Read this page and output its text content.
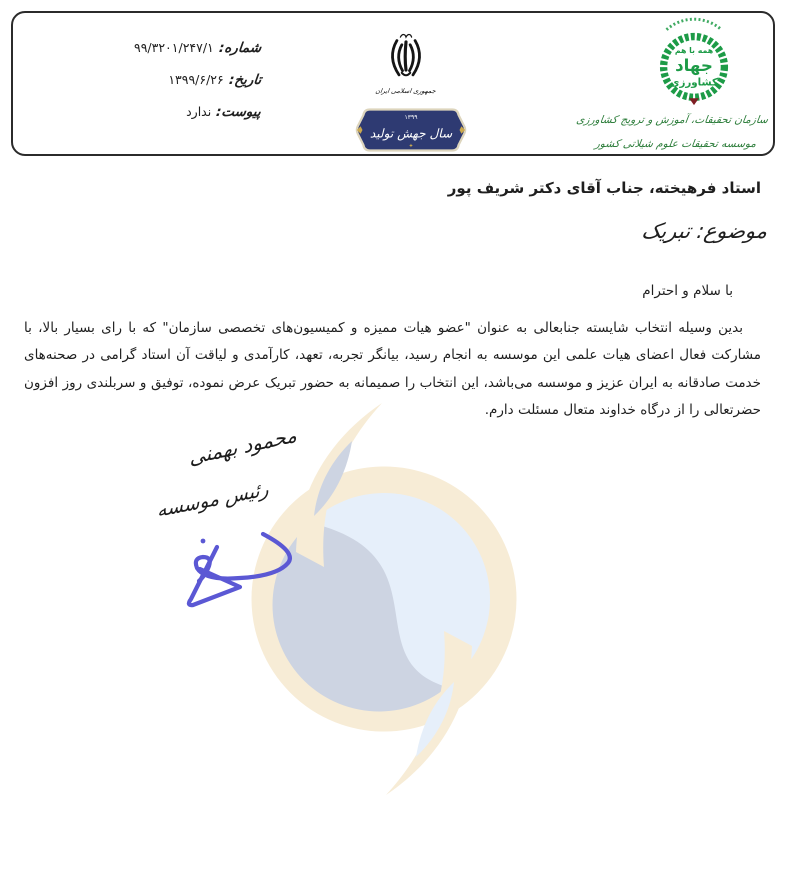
شماره:
۹۹/۳۲۰۱/۲۴۷/۱
تاریخ:
۱۳۹۹/۶/۲۶
پیوست:
ندارد
جمهوری اسلامی ایران
۱۳۹۹
سال جهش تولید
✦
همه با هم
جهاد
کشاورزی
سازمان تحقیقات، آموزش و ترویج کشاورزی
موسسه تحقیقات علوم شیلاتی کشور
استاد فرهیخته، جناب آقای دکتر شریف پور
موضوع: تبریک
با سلام و احترام

بدین وسیله انتخاب شایسته جنابعالی به عنوان "عضو هیات ممیزه و کمیسیون‌های تخصصی سازمان" که با رای بسیار بالا، با مشارکت فعال اعضای هیات علمی این موسسه به انجام رسید، بیانگر تجربه، تعهد، کارآمدی و لیاقت آن استاد گرامی در صحنه‌های خدمت صادقانه به ایران عزیز و موسسه می‌باشد، این انتخاب را صمیمانه به حضور تبریک عرض نموده، توفیق و سربلندی روز افزون حضرتعالی را از درگاه خداوند متعال مسئلت دارم.

محمود بهمنی
رئیس موسسه
